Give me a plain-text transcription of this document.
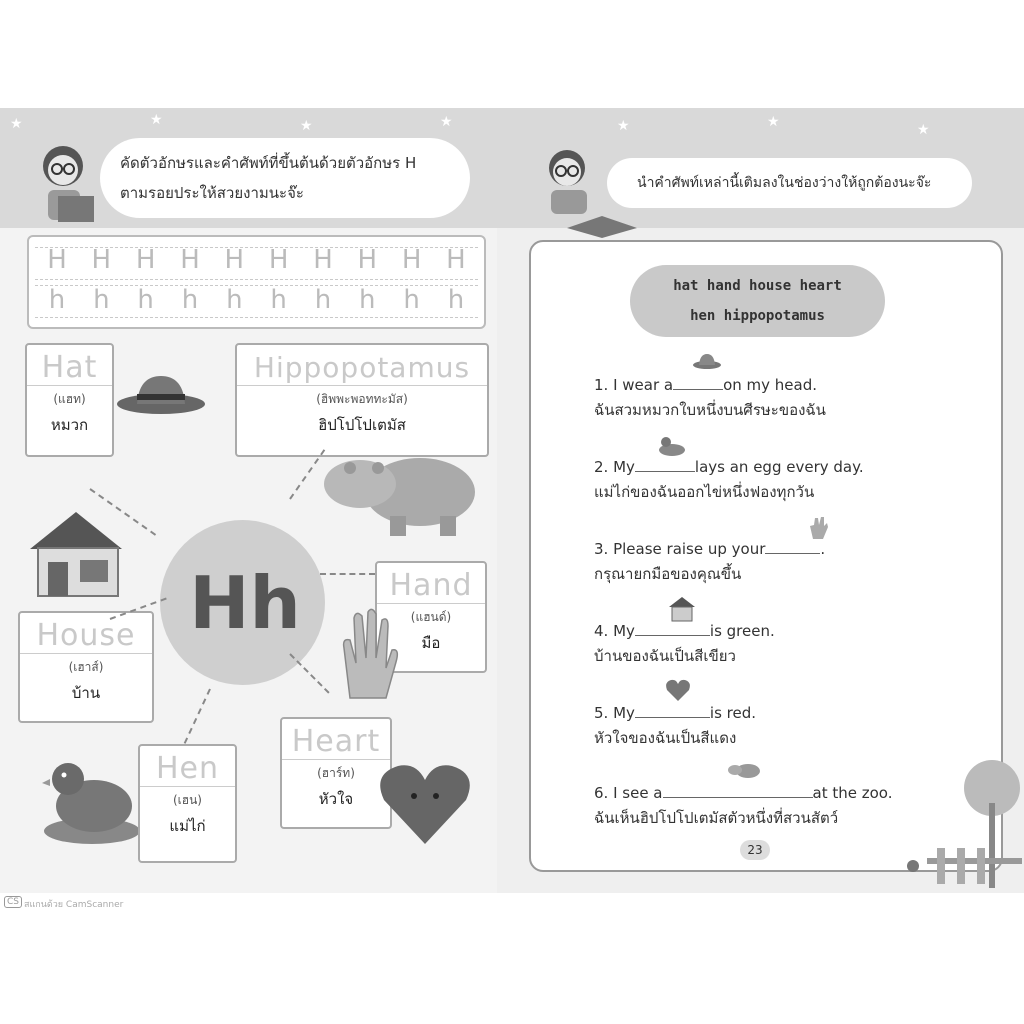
★	★	★	★
คัดตัวอักษรและคำศัพท์ที่ขึ้นต้นด้วยตัวอักษร H
ตามรอยประให้สวยงามนะจ๊ะ
H H H H H H H H H H
h	h	h	h	h	h	h	h	h	h
Hh
Hat
(แฮท)
หมวก
Hippopotamus
(ฮิพพะพอททะมัส)
ฮิปโปโปเตมัส
House
(เฮาส์)
บ้าน
Hand
(แฮนด์)
มือ
Hen
(เฮน)
แม่ไก่
Heart
(ฮาร์ท)
หัวใจ
★	★	★
นำคำศัพท์เหล่านี้เติมลงในช่องว่างให้ถูกต้องนะจ๊ะ
hat hand house heart
hen hippopotamus
1. I wear a	on my head.
ฉันสวมหมวกใบหนึ่งบนศีรษะของฉัน
2. My	lays an egg every day.
แม่ไก่ของฉันออกไข่หนึ่งฟองทุกวัน
3. Please raise up your	.
กรุณายกมือของคุณขึ้น
4. My	is green.
บ้านของฉันเป็นสีเขียว
5. My	is red.
หัวใจของฉันเป็นสีแดง
6. I see a	at the zoo.
ฉันเห็นฮิปโปโปเตมัสตัวหนึ่งที่สวนสัตว์
23
CS สแกนด้วย CamScanner
